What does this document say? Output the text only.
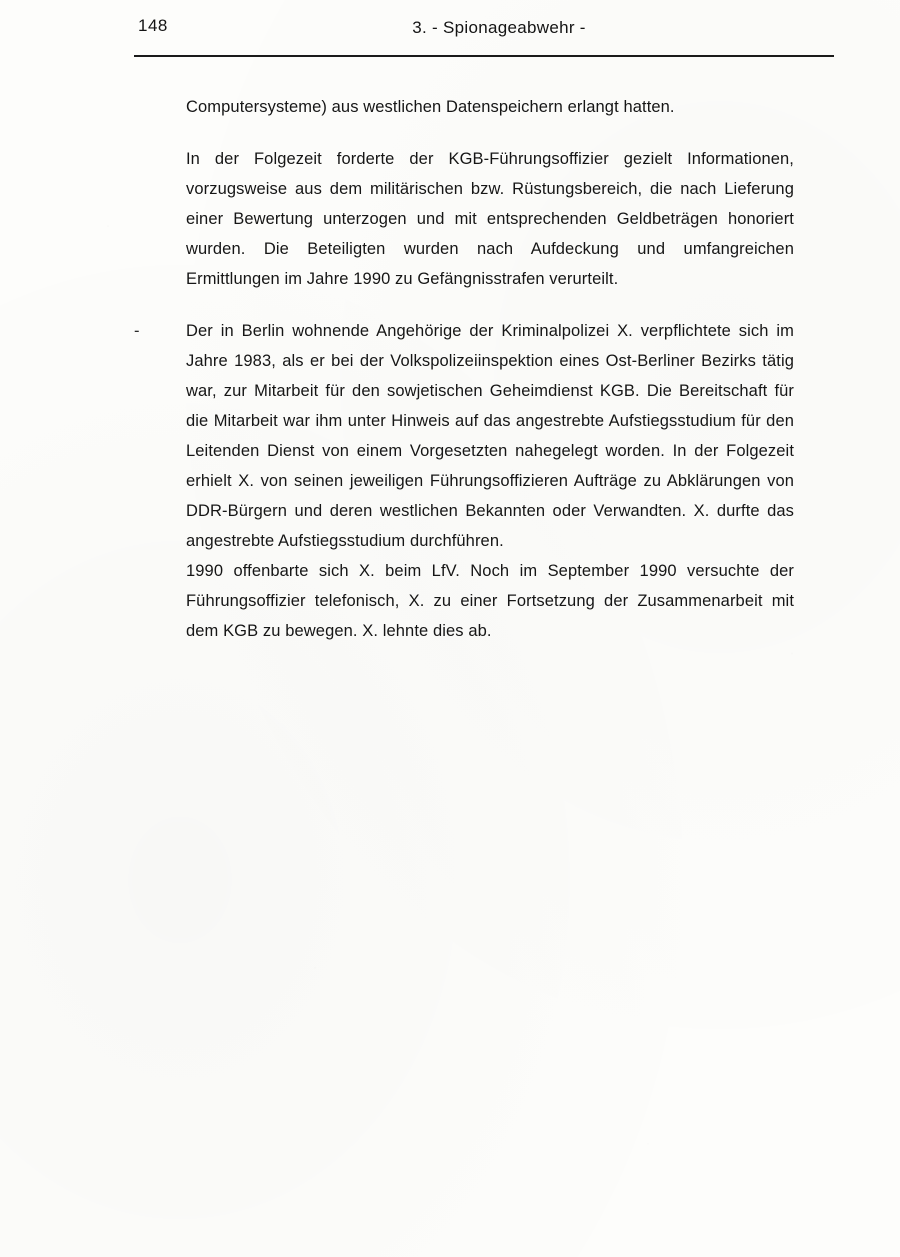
148	3. - Spionageabwehr -

Computersysteme) aus westlichen Datenspeichern erlangt hatten.

In der Folgezeit forderte der KGB-Führungsoffizier gezielt Informationen, vorzugsweise aus dem militärischen bzw. Rüstungsbereich, die nach Lieferung einer Bewertung unterzogen und mit entsprechenden Geldbeträgen honoriert wurden. Die Beteiligten wurden nach Aufdeckung und umfangreichen Ermittlungen im Jahre 1990 zu Gefängnisstrafen verurteilt.

-	Der in Berlin wohnende Angehörige der Kriminalpolizei X. verpflichtete sich im Jahre 1983, als er bei der Volkspolizeiinspektion eines Ost-Berliner Bezirks tätig war, zur Mitarbeit für den sowjetischen Geheimdienst KGB. Die Bereitschaft für die Mitarbeit war ihm unter Hinweis auf das angestrebte Aufstiegsstudium für den Leitenden Dienst von einem Vorgesetzten nahegelegt worden. In der Folgezeit erhielt X. von seinen jeweiligen Führungsoffizieren Aufträge zu Abklärungen von DDR-Bürgern und deren westlichen Bekannten oder Verwandten. X. durfte das angestrebte Aufstiegsstudium durchführen.

1990 offenbarte sich X. beim LfV. Noch im September 1990 versuchte der Führungsoffizier telefonisch, X. zu einer Fortsetzung der Zusammenarbeit mit dem KGB zu bewegen. X. lehnte dies ab.
